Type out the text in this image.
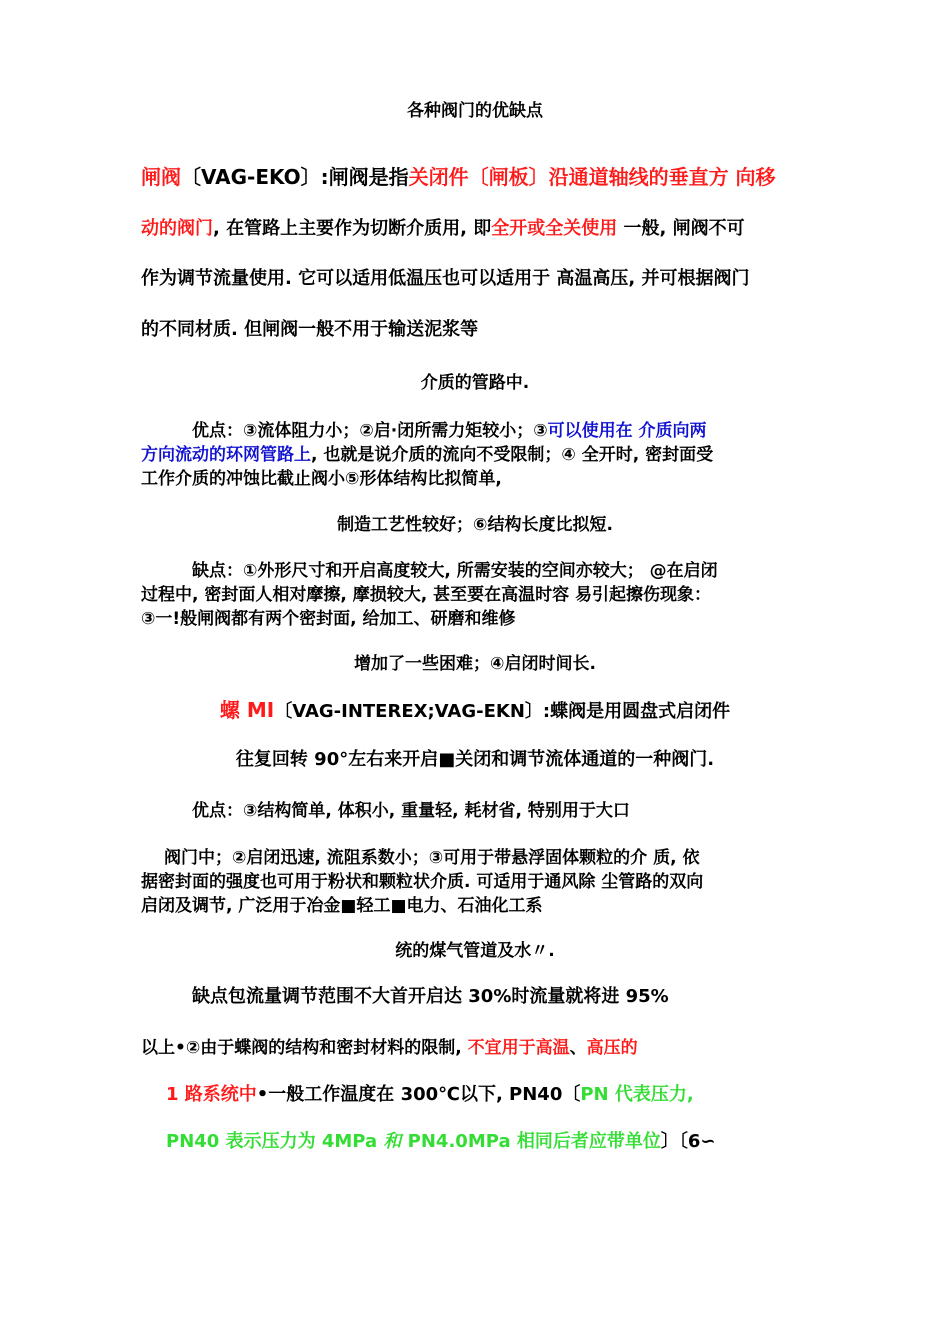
各种阀门的优缺点
闸阀〔VAG-EKO〕:闸阀是指关闭件〔闸板〕沿通道轴线的垂直方 向移
动的阀门, 在管路上主要作为切断介质用, 即全开或全关使用 一般, 闸阀不可
作为调节流量使用. 它可以适用低温压也可以适用于 高温高压, 并可根据阀门
的不同材质. 但闸阀一般不用于输送泥浆等
介质的管路中.
优点：③流体阻力小；②启·闭所需力矩较小；③可以使用在 介质向两
方向流动的环网管路上, 也就是说介质的流向不受限制；④ 全开时, 密封面受
工作介质的冲蚀比截止阀小⑤形体结构比拟简单,
制造工艺性较好；⑥结构长度比拟短.
缺点：①外形尺寸和开启高度较大, 所需安装的空间亦较大； @在启闭
过程中, 密封面人相对摩擦, 摩损较大, 甚至要在高温时容 易引起擦伤现象：
③一!般闸阀都有两个密封面, 给加工、研磨和维修
增加了一些困难；④启闭时间长.
螺 MI〔VAG-INTEREX;VAG-EKN〕:蝶阀是用圆盘式启闭件
往复回转 90°左右来开启■关闭和调节流体通道的一种阀门.
优点：③结构简单, 体积小, 重量轻, 耗材省, 特别用于大口
阀门中；②启闭迅速, 流阻系数小；③可用于带悬浮固体颗粒的介 质, 依
据密封面的强度也可用于粉状和颗粒状介质. 可适用于通风除 尘管路的双向
启闭及调节, 广泛用于冶金■轻工■电力、石油化工系
统的煤气管道及水〃.
缺点包流量调节范围不大首开启达 30%时流量就将进 95%
以上•②由于蝶阀的结构和密封材料的限制, 不宜用于高温、高压的
1 路系统中•一般工作温度在 300℃以下, PN40〔PN 代表压力,
PN40 表示压力为 4MPa 和 PN4.0MPa 相同后者应带单位〕〔6∽
